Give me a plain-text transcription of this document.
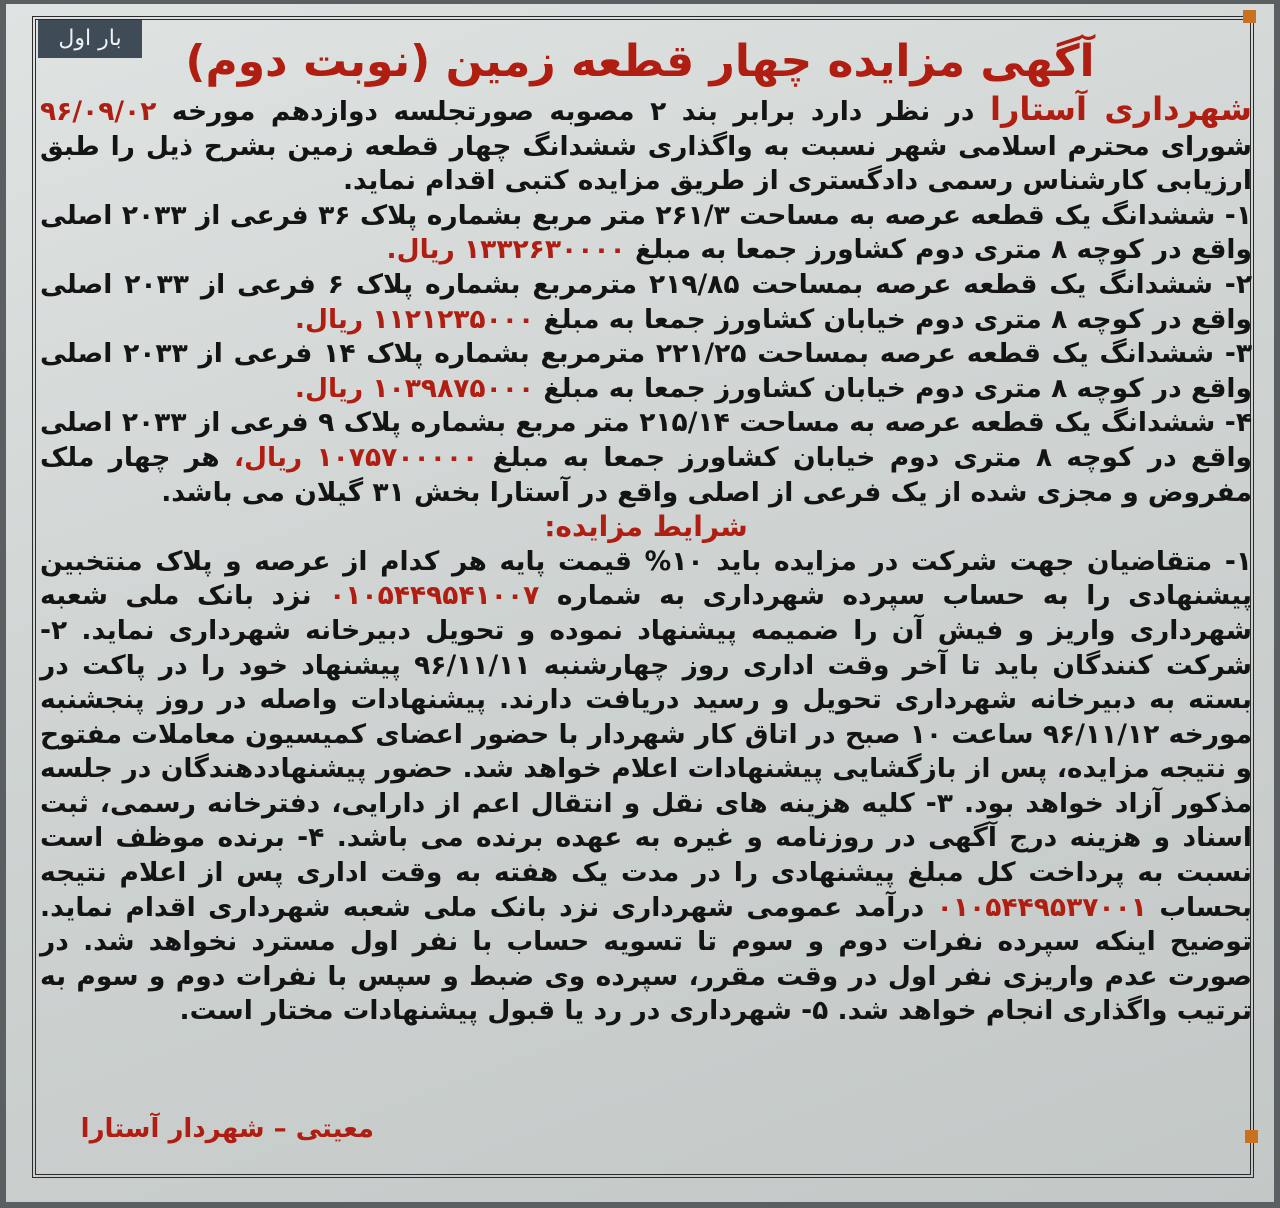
بار اول	آگهی مزایده چهار قطعه زمین (نوبت دوم)

شهرداری آستارا در نظر دارد برابر بند ۲ مصوبه صورتجلسه دوازدهم مورخه ۹۶/۰۹/۰۲ شورای محترم اسلامی شهر نسبت به واگذاری ششدانگ چهار قطعه زمین بشرح ذیل را طبق ارزیابی کارشناس رسمی دادگستری از طریق مزایده کتبی اقدام نماید.

۱- ششدانگ یک قطعه عرصه به مساحت ۲۶۱/۳ متر مربع بشماره پلاک ۳۶ فرعی از ۲۰۳۳ اصلی واقع در کوچه ۸ متری دوم کشاورز جمعا به مبلغ ۱۳۳۲۶۳۰۰۰۰ ریال.

۲- ششدانگ یک قطعه عرصه بمساحت ۲۱۹/۸۵ مترمربع بشماره پلاک ۶ فرعی از ۲۰۳۳ اصلی واقع در کوچه ۸ متری دوم خیابان کشاورز جمعا به مبلغ ۱۱۲۱۲۳۵۰۰۰ ریال.

۳- ششدانگ یک قطعه عرصه بمساحت ۲۲۱/۲۵ مترمربع بشماره پلاک ۱۴ فرعی از ۲۰۳۳ اصلی واقع در کوچه ۸ متری دوم خیابان کشاورز جمعا به مبلغ ۱۰۳۹۸۷۵۰۰۰ ریال.

۴- ششدانگ یک قطعه عرصه به مساحت ۲۱۵/۱۴ متر مربع بشماره پلاک ۹ فرعی از ۲۰۳۳ اصلی واقع در کوچه ۸ متری دوم خیابان کشاورز جمعا به مبلغ ۱۰۷۵۷۰۰۰۰۰ ریال، هر چهار ملک مفروض و مجزی شده از یک فرعی از اصلی واقع در آستارا بخش ۳۱ گیلان می باشد.

شرایط مزایده:

۱- متقاضیان جهت شرکت در مزایده باید ۱۰% قیمت پایه هر کدام از عرصه و پلاک منتخبین پیشنهادی را به حساب سپرده شهرداری به شماره ۰۱۰۵۴۴۹۵۴۱۰۰۷ نزد بانک ملی شعبه شهرداری واریز و فیش آن را ضمیمه پیشنهاد نموده و تحویل دبیرخانه شهرداری نماید. ۲- شرکت کنندگان باید تا آخر وقت اداری روز چهارشنبه ۹۶/۱۱/۱۱ پیشنهاد خود را در پاکت در بسته به دبیرخانه شهرداری تحویل و رسید دریافت دارند. پیشنهادات واصله در روز پنجشنبه مورخه ۹۶/۱۱/۱۲ ساعت ۱۰ صبح در اتاق کار شهردار با حضور اعضای کمیسیون معاملات مفتوح و نتیجه مزایده، پس از بازگشایی پیشنهادات اعلام خواهد شد. حضور پیشنهاددهندگان در جلسه مذکور آزاد خواهد بود. ۳- کلیه هزینه های نقل و انتقال اعم از دارایی، دفترخانه رسمی، ثبت اسناد و هزینه درج آگهی در روزنامه و غیره به عهده برنده می باشد. ۴- برنده موظف است نسبت به پرداخت کل مبلغ پیشنهادی را در مدت یک هفته به وقت اداری پس از اعلام نتیجه بحساب ۰۱۰۵۴۴۹۵۳۷۰۰۱ درآمد عمومی شهرداری نزد بانک ملی شعبه شهرداری اقدام نماید. توضیح اینکه سپرده نفرات دوم و سوم تا تسویه حساب با نفر اول مسترد نخواهد شد. در صورت عدم واریزی نفر اول در وقت مقرر، سپرده وی ضبط و سپس با نفرات دوم و سوم به ترتیب واگذاری انجام خواهد شد. ۵- شهرداری در رد یا قبول پیشنهادات مختار است.

معیتی – شهردار آستارا
